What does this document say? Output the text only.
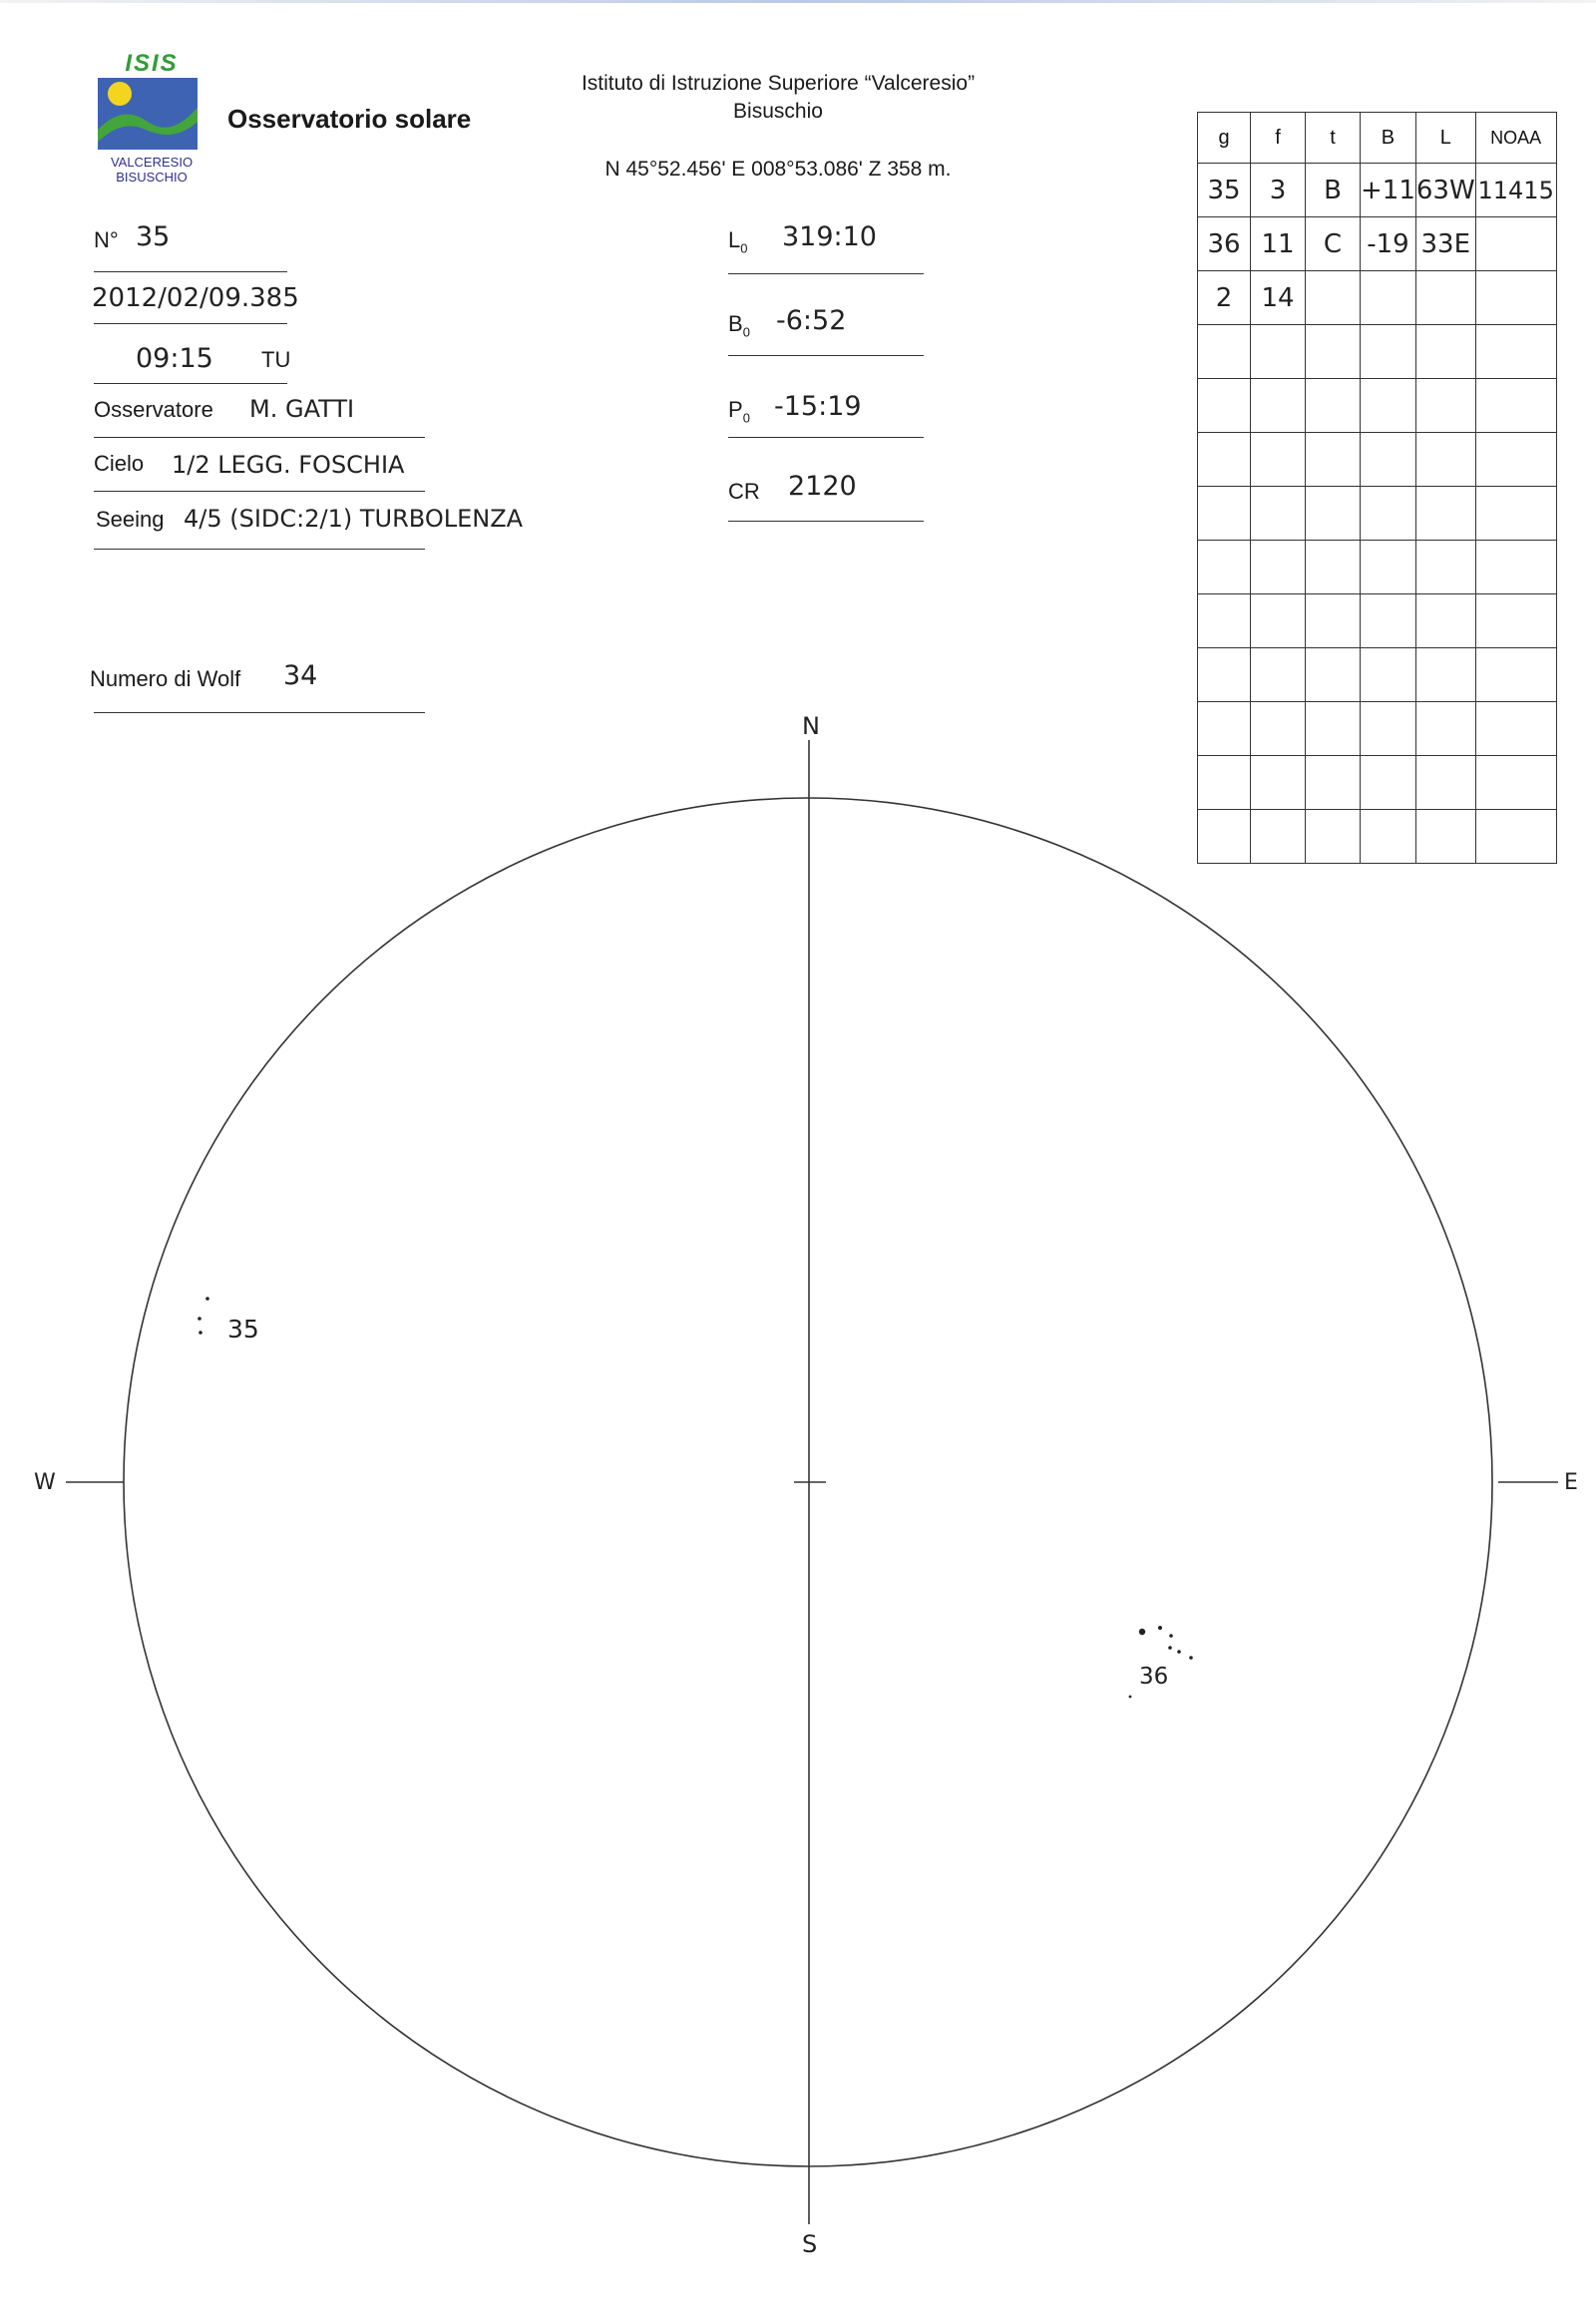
ISIS
VALCERESIO
BISUSCHIO
Osservatorio solare
Istituto di Istruzione Superiore “Valceresio”
Bisuschio
N 45°52.456' E 008°53.086' Z 358 m.
N° 35
2012/02/09.385
09:15 TU
Osservatore M. GATTI
Cielo 1/2 LEGG. FOSCHIA
Seeing 4/5 (SIDC:2/1) TURBOLENZA
Numero di Wolf 34
$L_0$ 319:10
$B_0$ -6:52
$P_0$ -15:19
CR 2120
g	f	t	B	L	NOAA
35	3	B	+11	63W	11415
36	11	C	-19	33E	
2	14				

N
S
W	E
35
36
